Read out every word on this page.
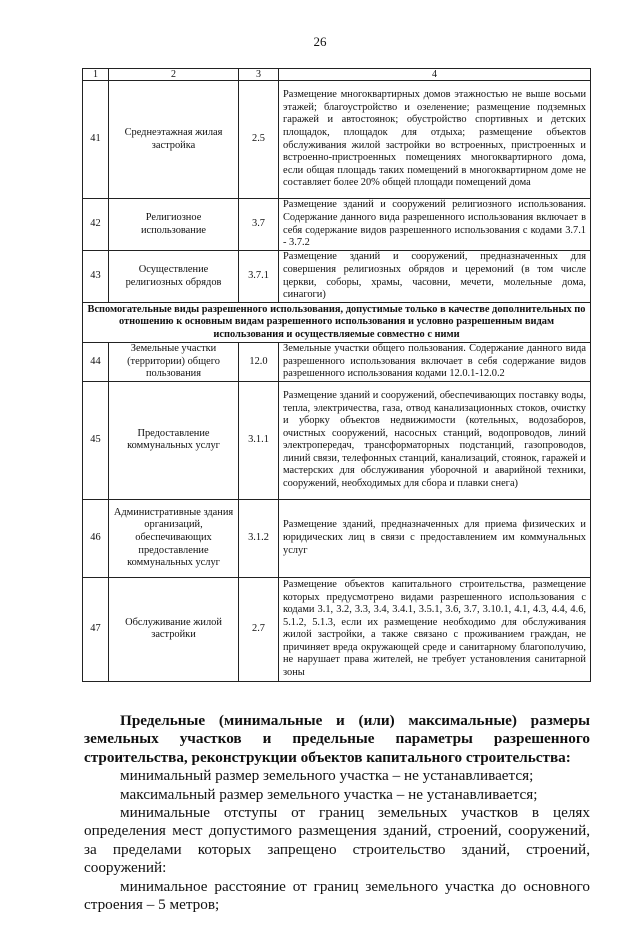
26
1	2	3	4
41	Среднеэтажная жилая застройка	2.5	Размещение многоквартирных домов этажностью не выше восьми этажей; благоустройство и озеленение; размещение подземных гаражей и автостоянок; обустройство спортивных и детских площадок, площадок для отдыха; размещение объектов обслуживания жилой застройки во встроенных, пристроенных и встроенно-пристроенных помещениях многоквартирного дома, если общая площадь таких помещений в многоквартирном доме не составляет более 20% общей площади помещений дома
42	Религиозное использование	3.7	Размещение зданий и сооружений религиозного использования. Содержание данного вида разрешенного использования включает в себя содержание видов разрешенного использования с кодами 3.7.1 - 3.7.2
43	Осуществление религиозных обрядов	3.7.1	Размещение зданий и сооружений, предназначенных для совершения религиозных обрядов и церемоний (в том числе церкви, соборы, храмы, часовни, мечети, молельные дома, синагоги)
Вспомогательные виды разрешенного использования, допустимые только в качестве дополнительных по отношению к основным видам разрешенного использования и условно разрешенным видам использования и осуществляемые совместно с ними			
44	Земельные участки (территории) общего пользования	12.0	Земельные участки общего пользования. Содержание данного вида разрешенного использования включает в себя содержание видов разрешенного использования кодами 12.0.1-12.0.2
45	Предоставление коммунальных услуг	3.1.1	Размещение зданий и сооружений, обеспечивающих поставку воды, тепла, электричества, газа, отвод канализационных стоков, очистку и уборку объектов недвижимости (котельных, водозаборов, очистных сооружений, насосных станций, водопроводов, линий электропередач, трансформаторных подстанций, газопроводов, линий связи, телефонных станций, канализаций, стоянок, гаражей и мастерских для обслуживания уборочной и аварийной техники, сооружений, необходимых для сбора и плавки снега)
46	Административные здания организаций, обеспечивающих предоставление коммунальных услуг	3.1.2	Размещение зданий, предназначенных для приема физических и юридических лиц в связи с предоставлением им коммунальных услуг
47	Обслуживание жилой застройки	2.7	Размещение объектов капитального строительства, размещение которых предусмотрено видами разрешенного использования с кодами 3.1, 3.2, 3.3, 3.4, 3.4.1, 3.5.1, 3.6, 3.7, 3.10.1, 4.1, 4.3, 4.4, 4.6, 5.1.2, 5.1.3, если их размещение необходимо для обслуживания жилой застройки, а также связано с проживанием граждан, не причиняет вреда окружающей среде и санитарному благополучию, не нарушает права жителей, не требует установления санитарной зоны

Предельные (минимальные и (или) максимальные) размеры земельных участков и предельные параметры разрешенного строительства, реконструкции объектов капитального строительства:

минимальный размер земельного участка – не устанавливается;

максимальный размер земельного участка – не устанавливается;

минимальные отступы от границ земельных участков в целях определения мест допустимого размещения зданий, строений, сооружений, за пределами которых запрещено строительство зданий, строений, сооружений:

минимальное расстояние от границ земельного участка до основного строения – 5 метров;
